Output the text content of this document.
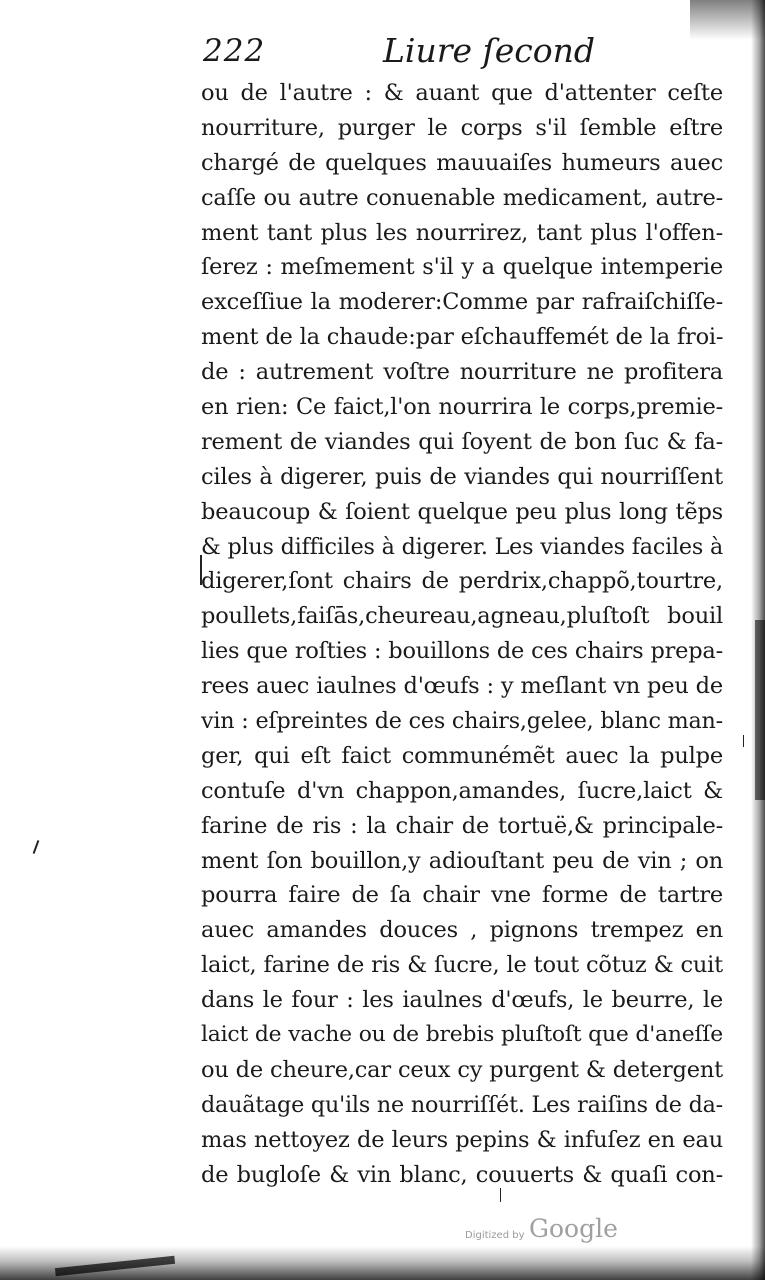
222	Liure ſecond
ou de l'autre : & auant que d'attenter ceſte
nourriture, purger le corps s'il ſemble eſtre
chargé de quelques mauuaiſes humeurs auec
caſſe ou autre conuenable medicament, autre-
ment tant plus les nourrirez, tant plus l'offen-
ſerez : meſmement s'il y a quelque intemperie
exceſſiue la moderer:Comme par rafraiſchiſſe-
ment de la chaude:par eſchauffemét de la froi-
de : autrement voſtre nourriture ne profitera
en rien: Ce faict,l'on nourrira le corps,premie-
rement de viandes qui ſoyent de bon ſuc & fa-
ciles à digerer, puis de viandes qui nourriſſent
beaucoup & ſoient quelque peu plus long tẽps
& plus difficiles à digerer. Les viandes faciles à
digerer,ſont chairs de perdrix,chappõ,tourtre,
poullets,faiſās,cheureau,agneau,pluſtoſt bouil
lies que roſties : bouillons de ces chairs prepa-
rees auec iaulnes d'œufs : y meſlant vn peu de
vin : eſpreintes de ces chairs,gelee, blanc man-
ger, qui eſt faict communémẽt auec la pulpe
contuſe d'vn chappon,amandes, ſucre,laict &
farine de ris : la chair de tortuë,& principale-
ment ſon bouillon,y adiouſtant peu de vin ; on
pourra faire de ſa chair vne forme de tartre
auec amandes douces , pignons trempez en
laict, farine de ris & ſucre, le tout cõtuz & cuit
dans le four : les iaulnes d'œufs, le beurre, le
laict de vache ou de brebis pluſtoſt que d'aneſſe
ou de cheure,car ceux cy purgent & detergent
dauãtage qu'ils ne nourriſſét. Les raiſins de da-
mas nettoyez de leurs pepins & infuſez en eau
de bugloſe & vin blanc, couuerts & quaſi con-
Digitized by Google
